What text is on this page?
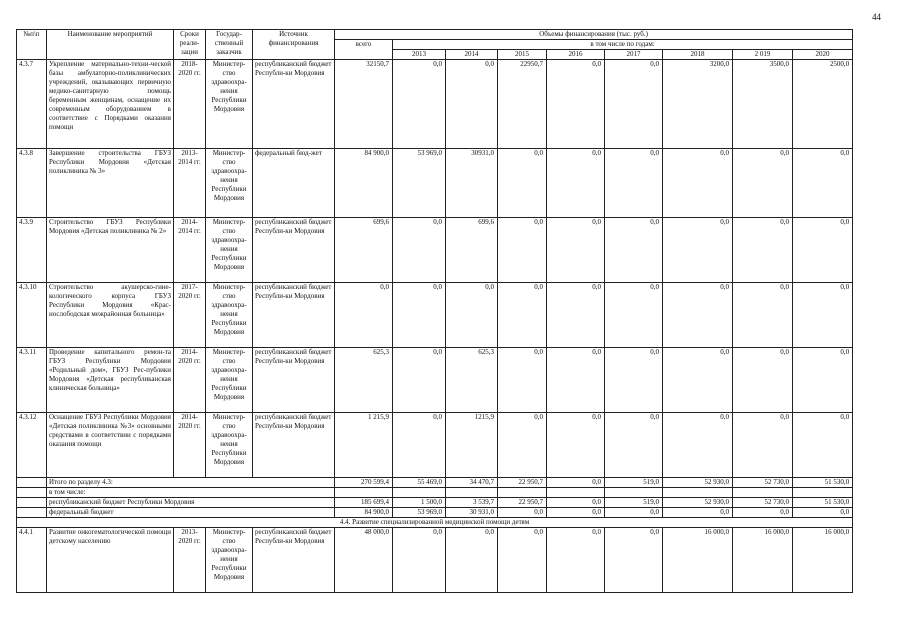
44
№п\п	Наименование мероприятий	Сроки реали-зации	Государ-ственный заказчик	Источник финансирования	Объемы финансирования (тыс. руб.)								
					всего	в том числе по годам:							
						2013	2014	2015	2016	2017	2018	2 019	2020
4.3.7	Укрепление материально-техни-ческой базы амбулаторно-поликлинических учреждений, оказывающих первичную медико-санитарную помощь беременным женщинам, оснащение их современным оборудованием в соответствие с Порядками оказания помощи	2018-2020 гг.	Министер-ство здравоохра-нения Республики Мордовия	республиканский бюджет Республи-ки Мордовия	32150,7	0,0	0,0	22950,7	0,0	0,0	3200,0	3500,0	2500,0
4.3.8	Завершение строительства ГБУЗ Республики Мордовия «Детская поликлиника № 3»	2013-2014 гг.	Министер-ство здравоохра-нения Республики Мордовия	федеральный бюд-жет	84 900,0	53 969,0	30931,0	0,0	0,0	0,0	0,0	0,0	0,0
4.3.9	Строительство ГБУЗ Республики Мордовия «Детская поликлиника № 2»	2014-2014 гг.	Министер-ство здравоохра-нения Республики Мордовия	республиканский бюджет Республи-ки Мордовия	699,6	0,0	699,6	0,0	0,0	0,0	0,0	0,0	0,0
4.3.10	Строительство акушерско-гине-кологического корпуса ГБУЗ Республики Мордовия «Крас-нослободская межрайонная больница»	2017-2020 гг.	Министер-ство здравоохра-нения Республики Мордовия	республиканский бюджет Республи-ки Мордовия	0,0	0,0	0,0	0,0	0,0	0,0	0,0	0,0	0,0
4.3.11	Проведение капитального ремон-та ГБУЗ Республики Мордовия «Родильный дом», ГБУЗ Рес-публики Мордовия «Детская республиканская клиническая больница»	2014-2020 гг.	Министер-ство здравоохра-нения Республики Мордовия	республиканский бюджет Республи-ки Мордовия	625,3	0,0	625,3	0,0	0,0	0,0	0,0	0,0	0,0
4.3.12	Оснащение ГБУЗ Республики Мордовия «Детская поликлиника №3» основными средствами в соответствии с порядками оказания помощи	2014-2020 гг.	Министер-ство здравоохра-нения Республики Мордовия	республиканский бюджет Республи-ки Мордовия	1 215,9	0,0	1215,9	0,0	0,0	0,0	0,0	0,0	0,0
	Итого по разделу 4.3:				270 599,4	55 469,0	34 470,7	22 950,7	0,0	519,0	52 930,0	52 730,0	51 530,0
	в том числе:												
	республиканский бюджет Республики Мордовия				185 699,4	1 500,0	3 539,7	22 950,7	0,0	519,0	52 930,0	52 730,0	51 530,0
	федеральный бюджет				84 900,0	53 969,0	30 931,0	0,0	0,0	0,0	0,0	0,0	0,0
4.4. Развитие специализированной медицинской помощи детям													
4.4.1	Развитие онкогематологической помощи детскому населению	2013-2020 гг.	Министер-ство здравоохра-нения Республики Мордовия	республиканский бюджет Республи-ки Мордовия	48 000,0	0,0	0,0	0,0	0,0	0,0	16 000,0	16 000,0	16 000,0
